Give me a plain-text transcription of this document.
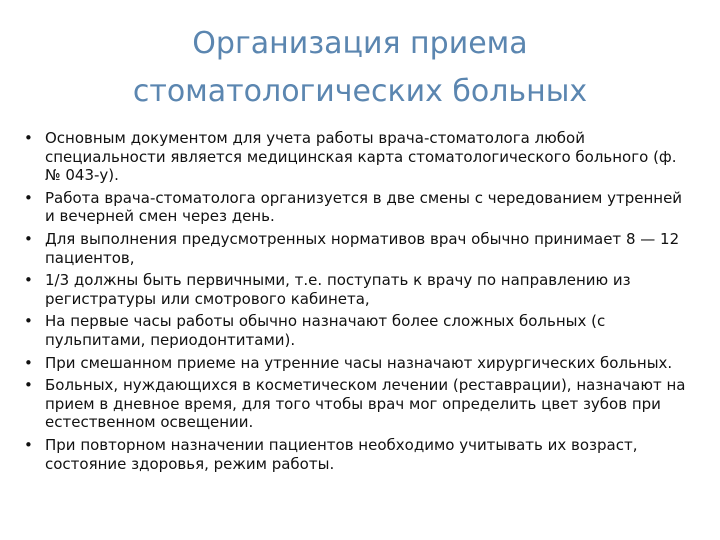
Организация приема
стоматологических больных
• Основным документом для учета работы врача-стоматолога любой специальности является медицинская карта стоматологического больного (ф. № 043-у).
• Работа врача-стоматолога организуется в две смены с чередованием утренней и вечерней смен через день.
• Для выполнения предусмотренных нормативов врач обычно принимает 8 — 12 пациентов,
• 1/3 должны быть первичными, т.е. поступать к врачу по направлению из регистратуры или смотрового кабинета,
• На первые часы работы обычно назначают более сложных больных (с пульпитами, периодонтитами).
• При смешанном приеме на утренние часы назначают хирургических больных.
• Больных, нуждающихся в косметическом лечении (реставрации), назначают на прием в дневное время, для того чтобы врач мог определить цвет зубов при естественном освещении.
• При повторном назначении пациентов необходимо учитывать их возраст, состояние здоровья, режим работы.
